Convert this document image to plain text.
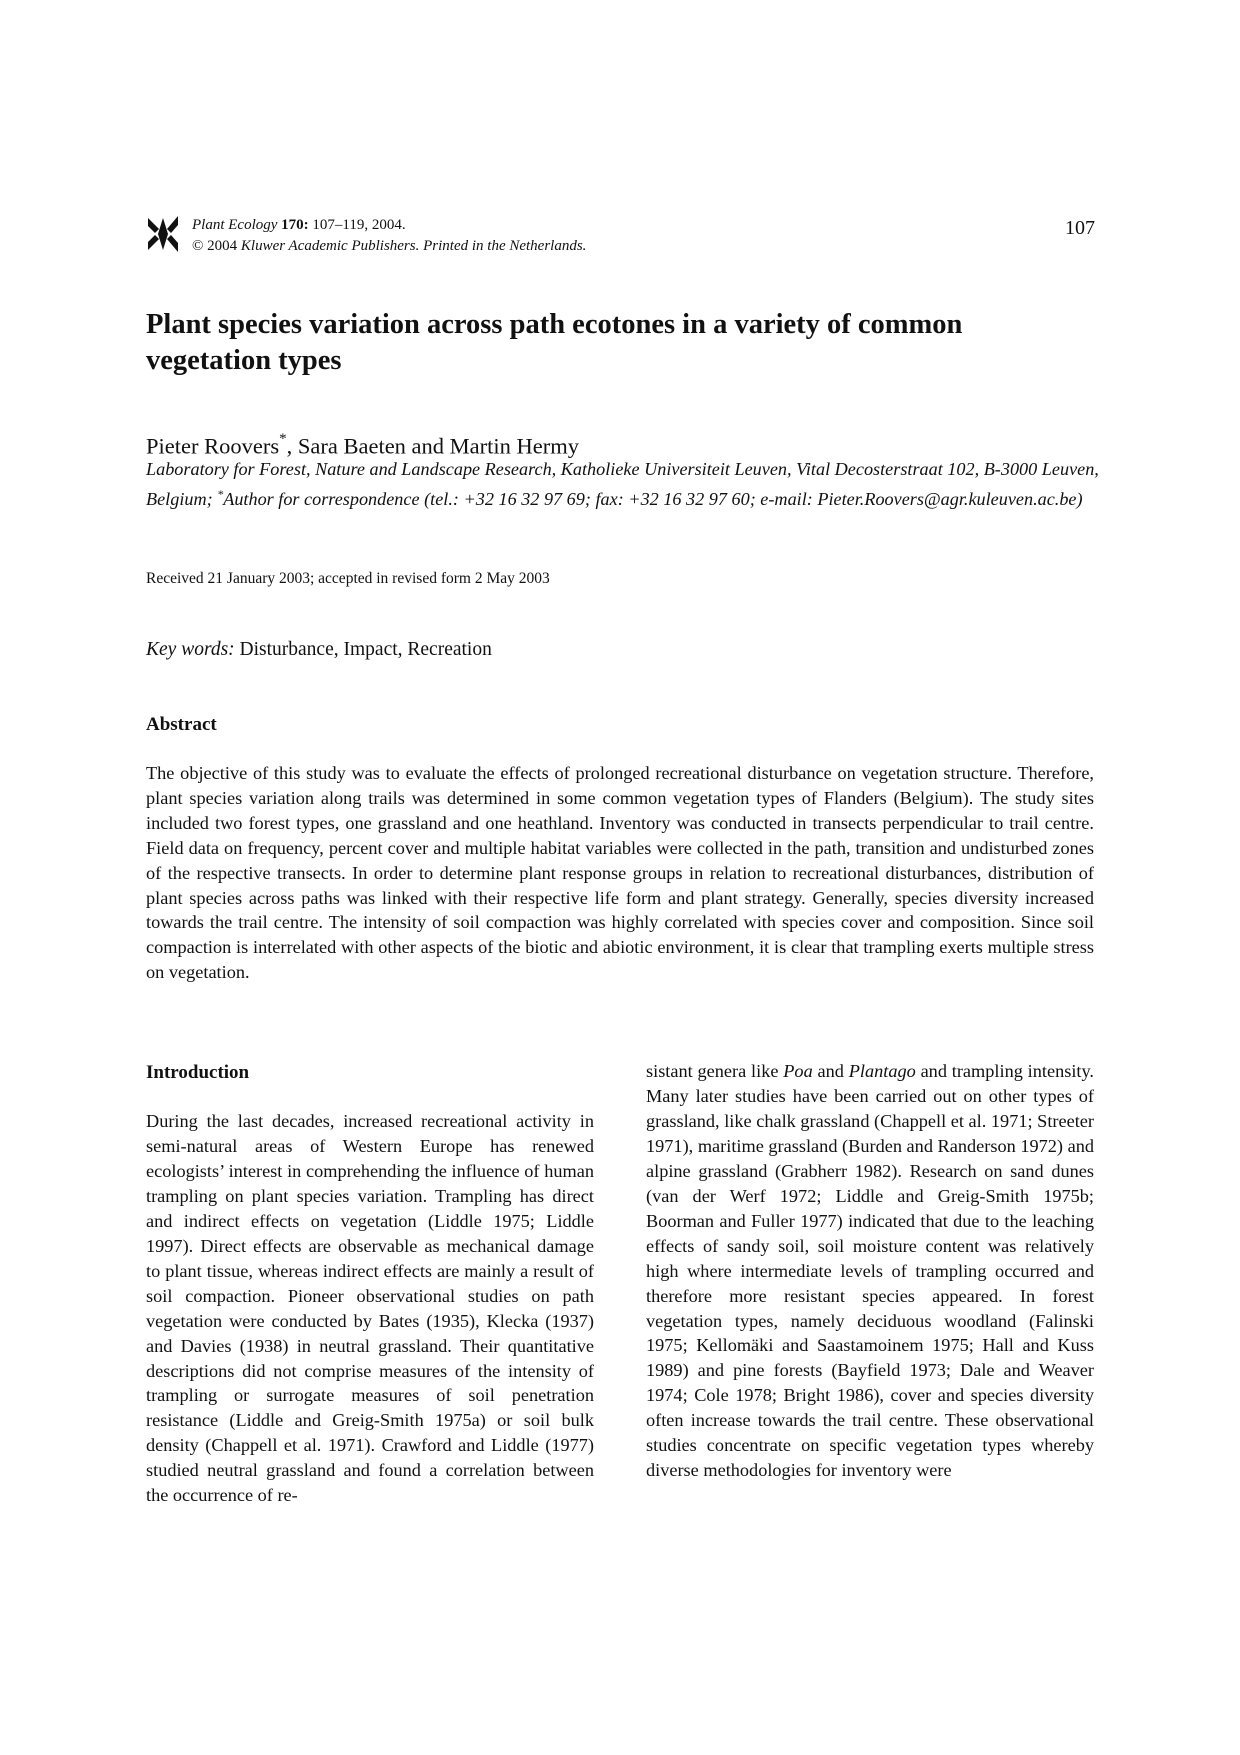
Plant Ecology 170: 107–119, 2004.
© 2004 Kluwer Academic Publishers. Printed in the Netherlands.
107
Plant species variation across path ecotones in a variety of common vegetation types
Pieter Roovers*, Sara Baeten and Martin Hermy
Laboratory for Forest, Nature and Landscape Research, Katholieke Universiteit Leuven, Vital Decosterstraat 102, B-3000 Leuven, Belgium; *Author for correspondence (tel.: +32 16 32 97 69; fax: +32 16 32 97 60; e-mail: Pieter.Roovers@agr.kuleuven.ac.be)
Received 21 January 2003; accepted in revised form 2 May 2003
Key words: Disturbance, Impact, Recreation
Abstract

The objective of this study was to evaluate the effects of prolonged recreational disturbance on vegetation structure. Therefore, plant species variation along trails was determined in some common vegetation types of Flanders (Belgium). The study sites included two forest types, one grassland and one heathland. Inventory was conducted in transects perpendicular to trail centre. Field data on frequency, percent cover and multiple habitat variables were collected in the path, transition and undisturbed zones of the respective transects. In order to determine plant response groups in relation to recreational disturbances, distribution of plant species across paths was linked with their respective life form and plant strategy. Generally, species diversity increased towards the trail centre. The intensity of soil compaction was highly correlated with species cover and composition. Since soil compaction is interrelated with other aspects of the biotic and abiotic environment, it is clear that trampling exerts multiple stress on vegetation.

Introduction

During the last decades, increased recreational activity in semi-natural areas of Western Europe has renewed ecologists’ interest in comprehending the influence of human trampling on plant species variation. Trampling has direct and indirect effects on vegetation (Liddle 1975; Liddle 1997). Direct effects are observable as mechanical damage to plant tissue, whereas indirect effects are mainly a result of soil compaction. Pioneer observational studies on path vegetation were conducted by Bates (1935), Klecka (1937) and Davies (1938) in neutral grassland. Their quantitative descriptions did not comprise measures of the intensity of trampling or surrogate measures of soil penetration resistance (Liddle and Greig-Smith 1975a) or soil bulk density (Chappell et al. 1971). Crawford and Liddle (1977) studied neutral grassland and found a correlation between the occurrence of re-

sistant genera like Poa and Plantago and trampling intensity. Many later studies have been carried out on other types of grassland, like chalk grassland (Chappell et al. 1971; Streeter 1971), maritime grassland (Burden and Randerson 1972) and alpine grassland (Grabherr 1982). Research on sand dunes (van der Werf 1972; Liddle and Greig-Smith 1975b; Boorman and Fuller 1977) indicated that due to the leaching effects of sandy soil, soil moisture content was relatively high where intermediate levels of trampling occurred and therefore more resistant species appeared. In forest vegetation types, namely deciduous woodland (Falinski 1975; Kellomäki and Saastamoinem 1975; Hall and Kuss 1989) and pine forests (Bayfield 1973; Dale and Weaver 1974; Cole 1978; Bright 1986), cover and species diversity often increase towards the trail centre. These observational studies concentrate on specific vegetation types whereby diverse methodologies for inventory were
